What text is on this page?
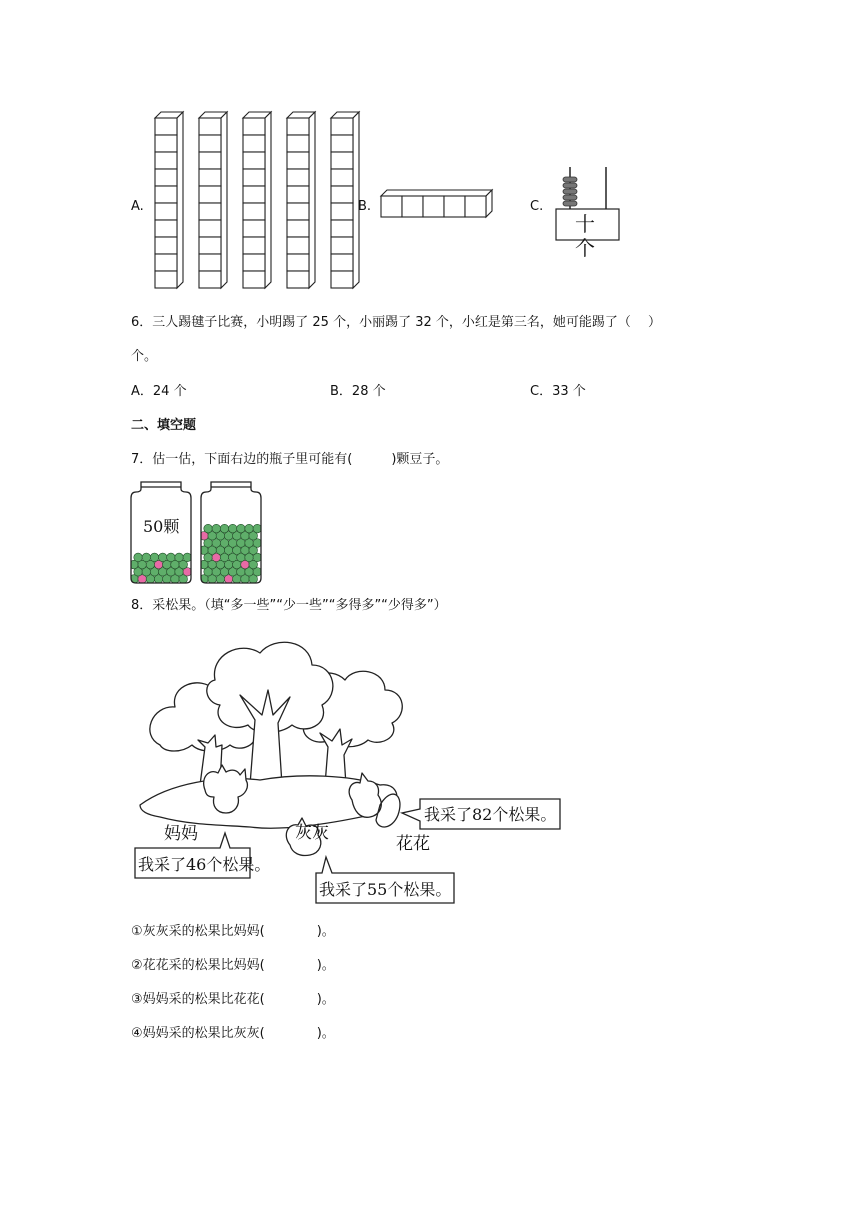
A.	B.	C.
十 个
6．三人踢毽子比赛，小明踢了 25 个，小丽踢了 32 个，小红是第三名，她可能踢了（　 ）
个。
A．24 个	B．28 个	C．33 个
二、填空题
7．估一估，下面右边的瓶子里可能有(　　　)颗豆子。
50颗
8．采松果。（填“多一些”“少一些”“多得多”“少得多”）
妈妈	灰灰
花花
我采了82个松果。
我采了46个松果。
我采了55个松果。
①灰灰采的松果比妈妈(　　　　)。
②花花采的松果比妈妈(　　　　)。
③妈妈采的松果比花花(　　　　)。
④妈妈采的松果比灰灰(　　　　)。
